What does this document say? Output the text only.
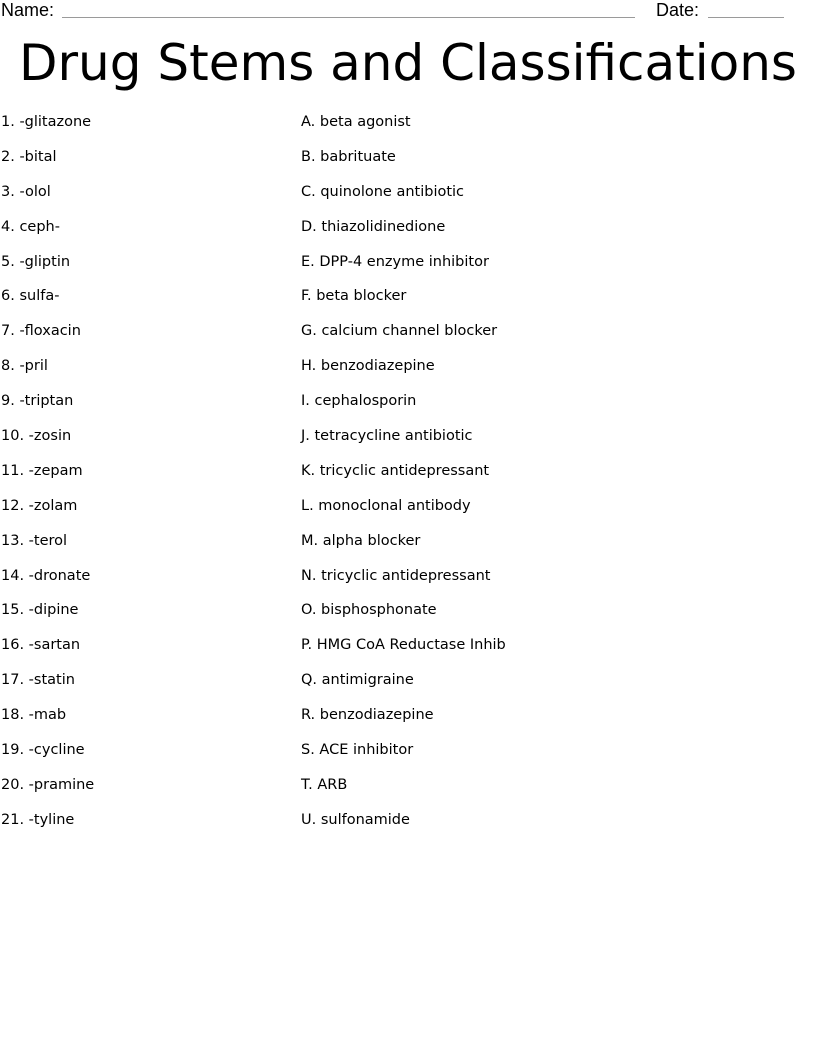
Name:	Date:
Drug Stems and Classifications
1. -glitazone
2. -bital
3. -olol
4. ceph-
5. -gliptin
6. sulfa-
7. -floxacin
8. -pril
9. -triptan
10. -zosin
11. -zepam
12. -zolam
13. -terol
14. -dronate
15. -dipine
16. -sartan
17. -statin
18. -mab
19. -cycline
20. -pramine
21. -tyline
A. beta agonist
B. babrituate
C. quinolone antibiotic
D. thiazolidinedione
E. DPP-4 enzyme inhibitor
F. beta blocker
G. calcium channel blocker
H. benzodiazepine
I. cephalosporin
J. tetracycline antibiotic
K. tricyclic antidepressant
L. monoclonal antibody
M. alpha blocker
N. tricyclic antidepressant
O. bisphosphonate
P. HMG CoA Reductase Inhib
Q. antimigraine
R. benzodiazepine
S. ACE inhibitor
T. ARB
U. sulfonamide
